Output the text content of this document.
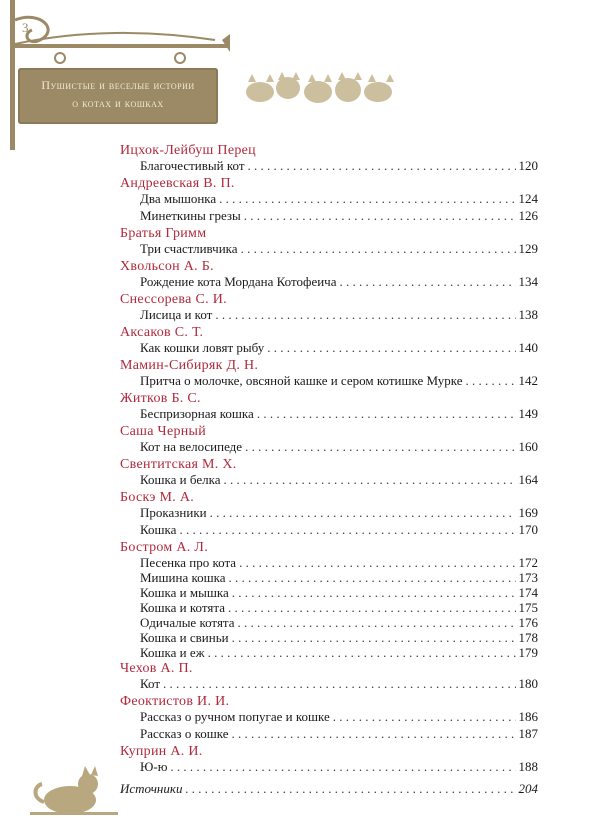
3
Пушистые и веселые истории
о котах и кошках
Ицхок-Лейбуш Перец
Благочестивый кот . . .	120
Андреевская В. П.
Два мышонка . . .	124
Минеткины грезы . . .	126
Братья Гримм
Три счастливчика . . .	129
Хвольсон А. Б.
Рождение кота Мордана Котофеича . . .	134
Снессорева С. И.
Лисица и кот . . .	138
Аксаков С. Т.
Как кошки ловят рыбу . . .	140
Мамин-Сибиряк Д. Н.
Притча о молочке, овсяной кашке и сером котишке Мурке . . .	142
Житков Б. С.
Беспризорная кошка . . .	149
Саша Черный
Кот на велосипеде . . .	160
Свентитская М. Х.
Кошка и белка . . .	164
Боскэ М. А.
Проказники . . .	169
Кошка . . .	170
Бостром А. Л.
Песенка про кота . . .	172
Мишина кошка . . .	173
Кошка и мышка . . .	174
Кошка и котята . . .	175
Одичалые котята . . .	176
Кошка и свиньи . . .	178
Кошка и еж . . .	179
Чехов А. П.
Кот . . .	180
Феоктистов И. И.
Рассказ о ручном попугае и кошке . . .	186
Рассказ о кошке . . .	187
Куприн А. И.
Ю-ю . . .	188
Источники . . .	204
